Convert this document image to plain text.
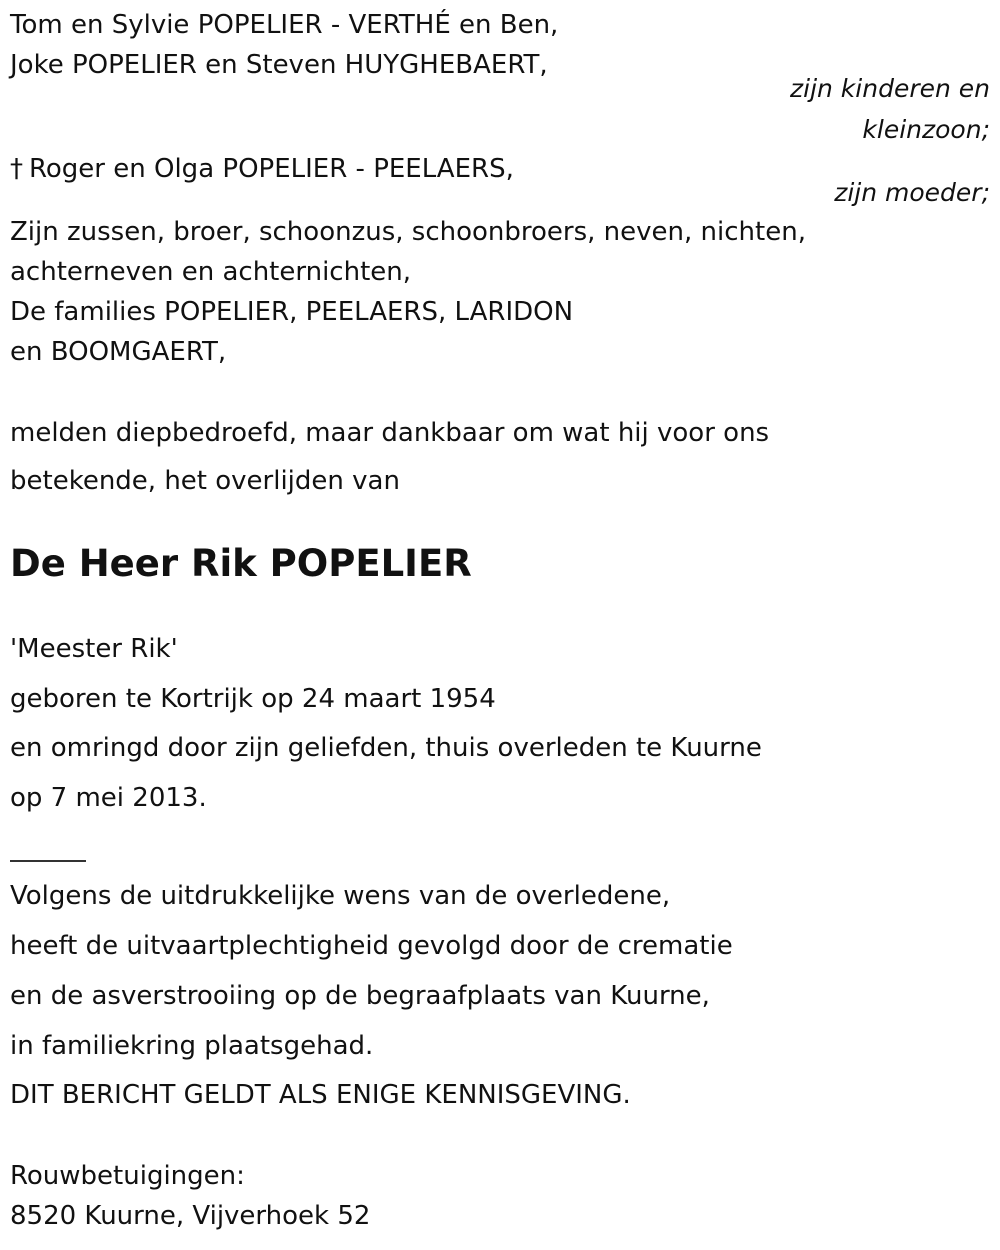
Tom en Sylvie POPELIER - VERTHÉ en Ben,
Joke POPELIER en Steven HUYGHEBAERT,
zijn kinderen en
kleinzoon;
† Roger en Olga POPELIER - PEELAERS,
zijn moeder;
Zijn zussen, broer, schoonzus, schoonbroers, neven, nichten,
achterneven en achternichten,
De families POPELIER, PEELAERS, LARIDON
en BOOMGAERT,
melden diepbedroefd, maar dankbaar om wat hij voor ons
betekende, het overlijden van
De Heer Rik POPELIER
'Meester Rik'
geboren te Kortrijk op 24 maart 1954
en omringd door zijn geliefden, thuis overleden te Kuurne
op 7 mei 2013.
Volgens de uitdrukkelijke wens van de overledene,
heeft de uitvaartplechtigheid gevolgd door de crematie
en de asverstrooiing op de begraafplaats van Kuurne,
in familiekring plaatsgehad.
DIT BERICHT GELDT ALS ENIGE KENNISGEVING.
Rouwbetuigingen:
8520 Kuurne, Vijverhoek 52
